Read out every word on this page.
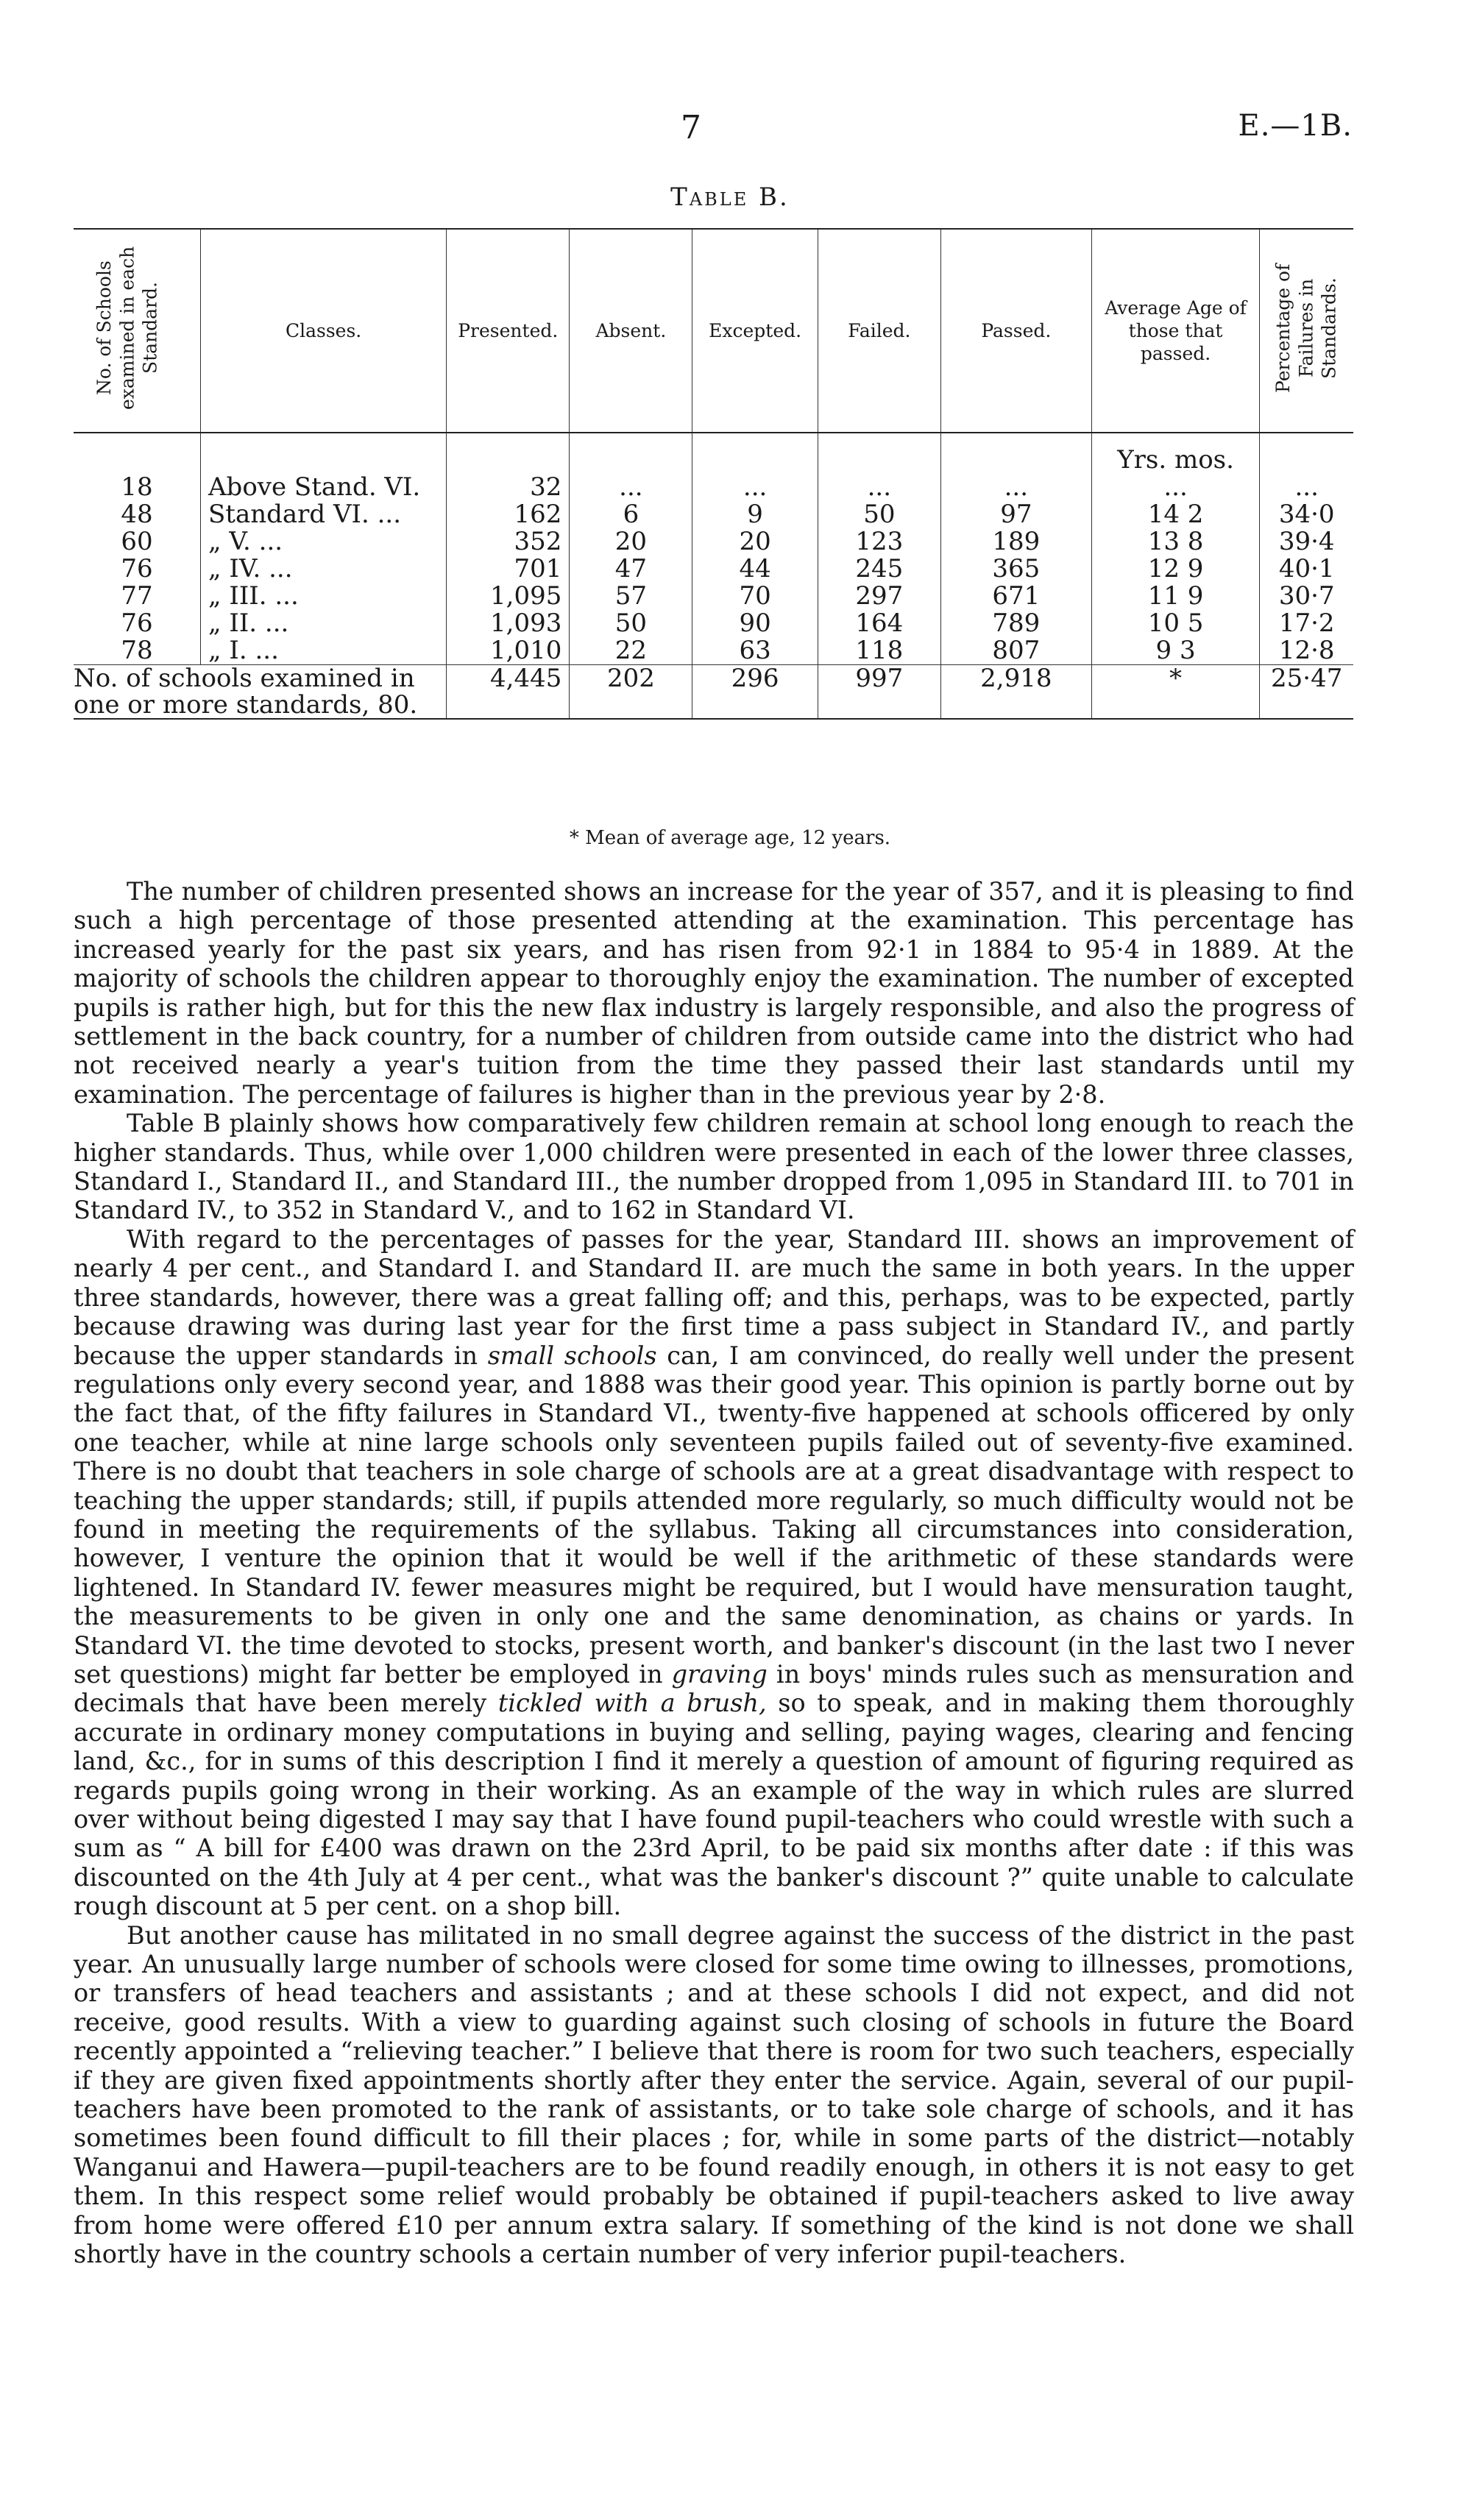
7	E.—1B.
Table B.
No. of Schools examined in each Standard.	Classes.	Presented.	Absent.	Excepted.	Failed.	Passed.	Average Age of those that passed.	Percentage of Failures in Standards.
							Yrs. mos.	
18	Above Stand. VI.	32	...	...	...	...	...	...
48	Standard VI. ...	162	6	9	50	97	14 2	34·0
60	„ V. ...	352	20	20	123	189	13 8	39·4
76	„ IV. ...	701	47	44	245	365	12 9	40·1
77	„ III. ...	1,095	57	70	297	671	11 9	30·7
76	„ II. ...	1,093	50	90	164	789	10 5	17·2
78	„ I. ...	1,010	22	63	118	807	9 3	12·8
No. of schools examined in one or more standards, 80.		4,445	202	296	997	2,918	*	25·47
* Mean of average age, 12 years.

The number of children presented shows an increase for the year of 357, and it is pleasing to find such a high percentage of those presented attending at the examination. This percentage has increased yearly for the past six years, and has risen from 92·1 in 1884 to 95·4 in 1889. At the majority of schools the children appear to thoroughly enjoy the examination. The number of excepted pupils is rather high, but for this the new flax industry is largely responsible, and also the progress of settlement in the back country, for a number of children from outside came into the district who had not received nearly a year's tuition from the time they passed their last standards until my examination. The percentage of failures is higher than in the previous year by 2·8.

Table B plainly shows how comparatively few children remain at school long enough to reach the higher standards. Thus, while over 1,000 children were presented in each of the lower three classes, Standard I., Standard II., and Standard III., the number dropped from 1,095 in Standard III. to 701 in Standard IV., to 352 in Standard V., and to 162 in Standard VI.

With regard to the percentages of passes for the year, Standard III. shows an improvement of nearly 4 per cent., and Standard I. and Standard II. are much the same in both years. In the upper three standards, however, there was a great falling off; and this, perhaps, was to be expected, partly because drawing was during last year for the first time a pass subject in Standard IV., and partly because the upper standards in small schools can, I am convinced, do really well under the present regulations only every second year, and 1888 was their good year. This opinion is partly borne out by the fact that, of the fifty failures in Standard VI., twenty-five happened at schools officered by only one teacher, while at nine large schools only seventeen pupils failed out of seventy-five examined. There is no doubt that teachers in sole charge of schools are at a great disadvantage with respect to teaching the upper standards; still, if pupils attended more regularly, so much difficulty would not be found in meeting the requirements of the syllabus. Taking all circumstances into consideration, however, I venture the opinion that it would be well if the arithmetic of these standards were lightened. In Standard IV. fewer measures might be required, but I would have mensuration taught, the measurements to be given in only one and the same denomination, as chains or yards. In Standard VI. the time devoted to stocks, present worth, and banker's discount (in the last two I never set questions) might far better be employed in graving in boys' minds rules such as mensuration and decimals that have been merely tickled with a brush, so to speak, and in making them thoroughly accurate in ordinary money computations in buying and selling, paying wages, clearing and fencing land, &c., for in sums of this description I find it merely a question of amount of figuring required as regards pupils going wrong in their working. As an example of the way in which rules are slurred over without being digested I may say that I have found pupil-teachers who could wrestle with such a sum as “ A bill for £400 was drawn on the 23rd April, to be paid six months after date : if this was discounted on the 4th July at 4 per cent., what was the banker's discount ?” quite unable to calculate rough discount at 5 per cent. on a shop bill.

But another cause has militated in no small degree against the success of the district in the past year. An unusually large number of schools were closed for some time owing to illnesses, promotions, or transfers of head teachers and assistants ; and at these schools I did not expect, and did not receive, good results. With a view to guarding against such closing of schools in future the Board recently appointed a “relieving teacher.” I believe that there is room for two such teachers, especially if they are given fixed appointments shortly after they enter the service. Again, several of our pupil-teachers have been promoted to the rank of assistants, or to take sole charge of schools, and it has sometimes been found difficult to fill their places ; for, while in some parts of the district—notably Wanganui and Hawera—pupil-teachers are to be found readily enough, in others it is not easy to get them. In this respect some relief would probably be obtained if pupil-teachers asked to live away from home were offered £10 per annum extra salary. If something of the kind is not done we shall shortly have in the country schools a certain number of very inferior pupil-teachers.
